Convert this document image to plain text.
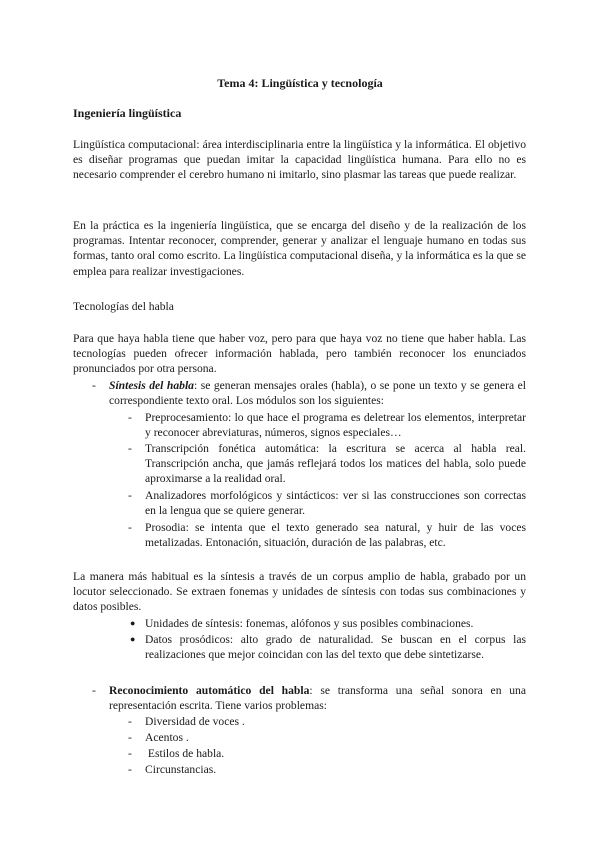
Tema 4: Lingüística y tecnología
Ingeniería lingüística

Lingüística computacional: área interdisciplinaria entre la lingüística y la informática. El objetivo es diseñar programas que puedan imitar la capacidad lingüística humana. Para ello no es necesario comprender el cerebro humano ni imitarlo, sino plasmar las tareas que puede realizar.

En la práctica es la ingeniería lingüística, que se encarga del diseño y de la realización de los programas. Intentar reconocer, comprender, generar y analizar el lenguaje humano en todas sus formas, tanto oral como escrito. La lingüística computacional diseña, y la informática es la que se emplea para realizar investigaciones.

Tecnologías del habla

Para que haya habla tiene que haber voz, pero para que haya voz no tiene que haber habla. Las tecnologías pueden ofrecer información hablada, pero también reconocer los enunciados pronunciados por otra persona.

- Síntesis del habla: se generan mensajes orales (habla), o se pone un texto y se genera el correspondiente texto oral. Los módulos son los siguientes:

- Preprocesamiento: lo que hace el programa es deletrear los elementos, interpretar y reconocer abreviaturas, números, signos especiales…

- Transcripción fonética automática: la escritura se acerca al habla real. Transcripción ancha, que jamás reflejará todos los matices del habla, solo puede aproximarse a la realidad oral.

- Analizadores morfológicos y sintácticos: ver si las construcciones son correctas en la lengua que se quiere generar.

- Prosodia: se intenta que el texto generado sea natural, y huir de las voces metalizadas. Entonación, situación, duración de las palabras, etc.

La manera más habitual es la síntesis a través de un corpus amplio de habla, grabado por un locutor seleccionado. Se extraen fonemas y unidades de síntesis con todas sus combinaciones y datos posibles.

● Unidades de síntesis: fonemas, alófonos y sus posibles combinaciones.

● Datos prosódicos: alto grado de naturalidad. Se buscan en el corpus las realizaciones que mejor coincidan con las del texto que debe sintetizarse.

- Reconocimiento automático del habla: se transforma una señal sonora en una representación escrita. Tiene varios problemas:

- Diversidad de voces .

- Acentos .

- Estilos de habla.

- Circunstancias.
